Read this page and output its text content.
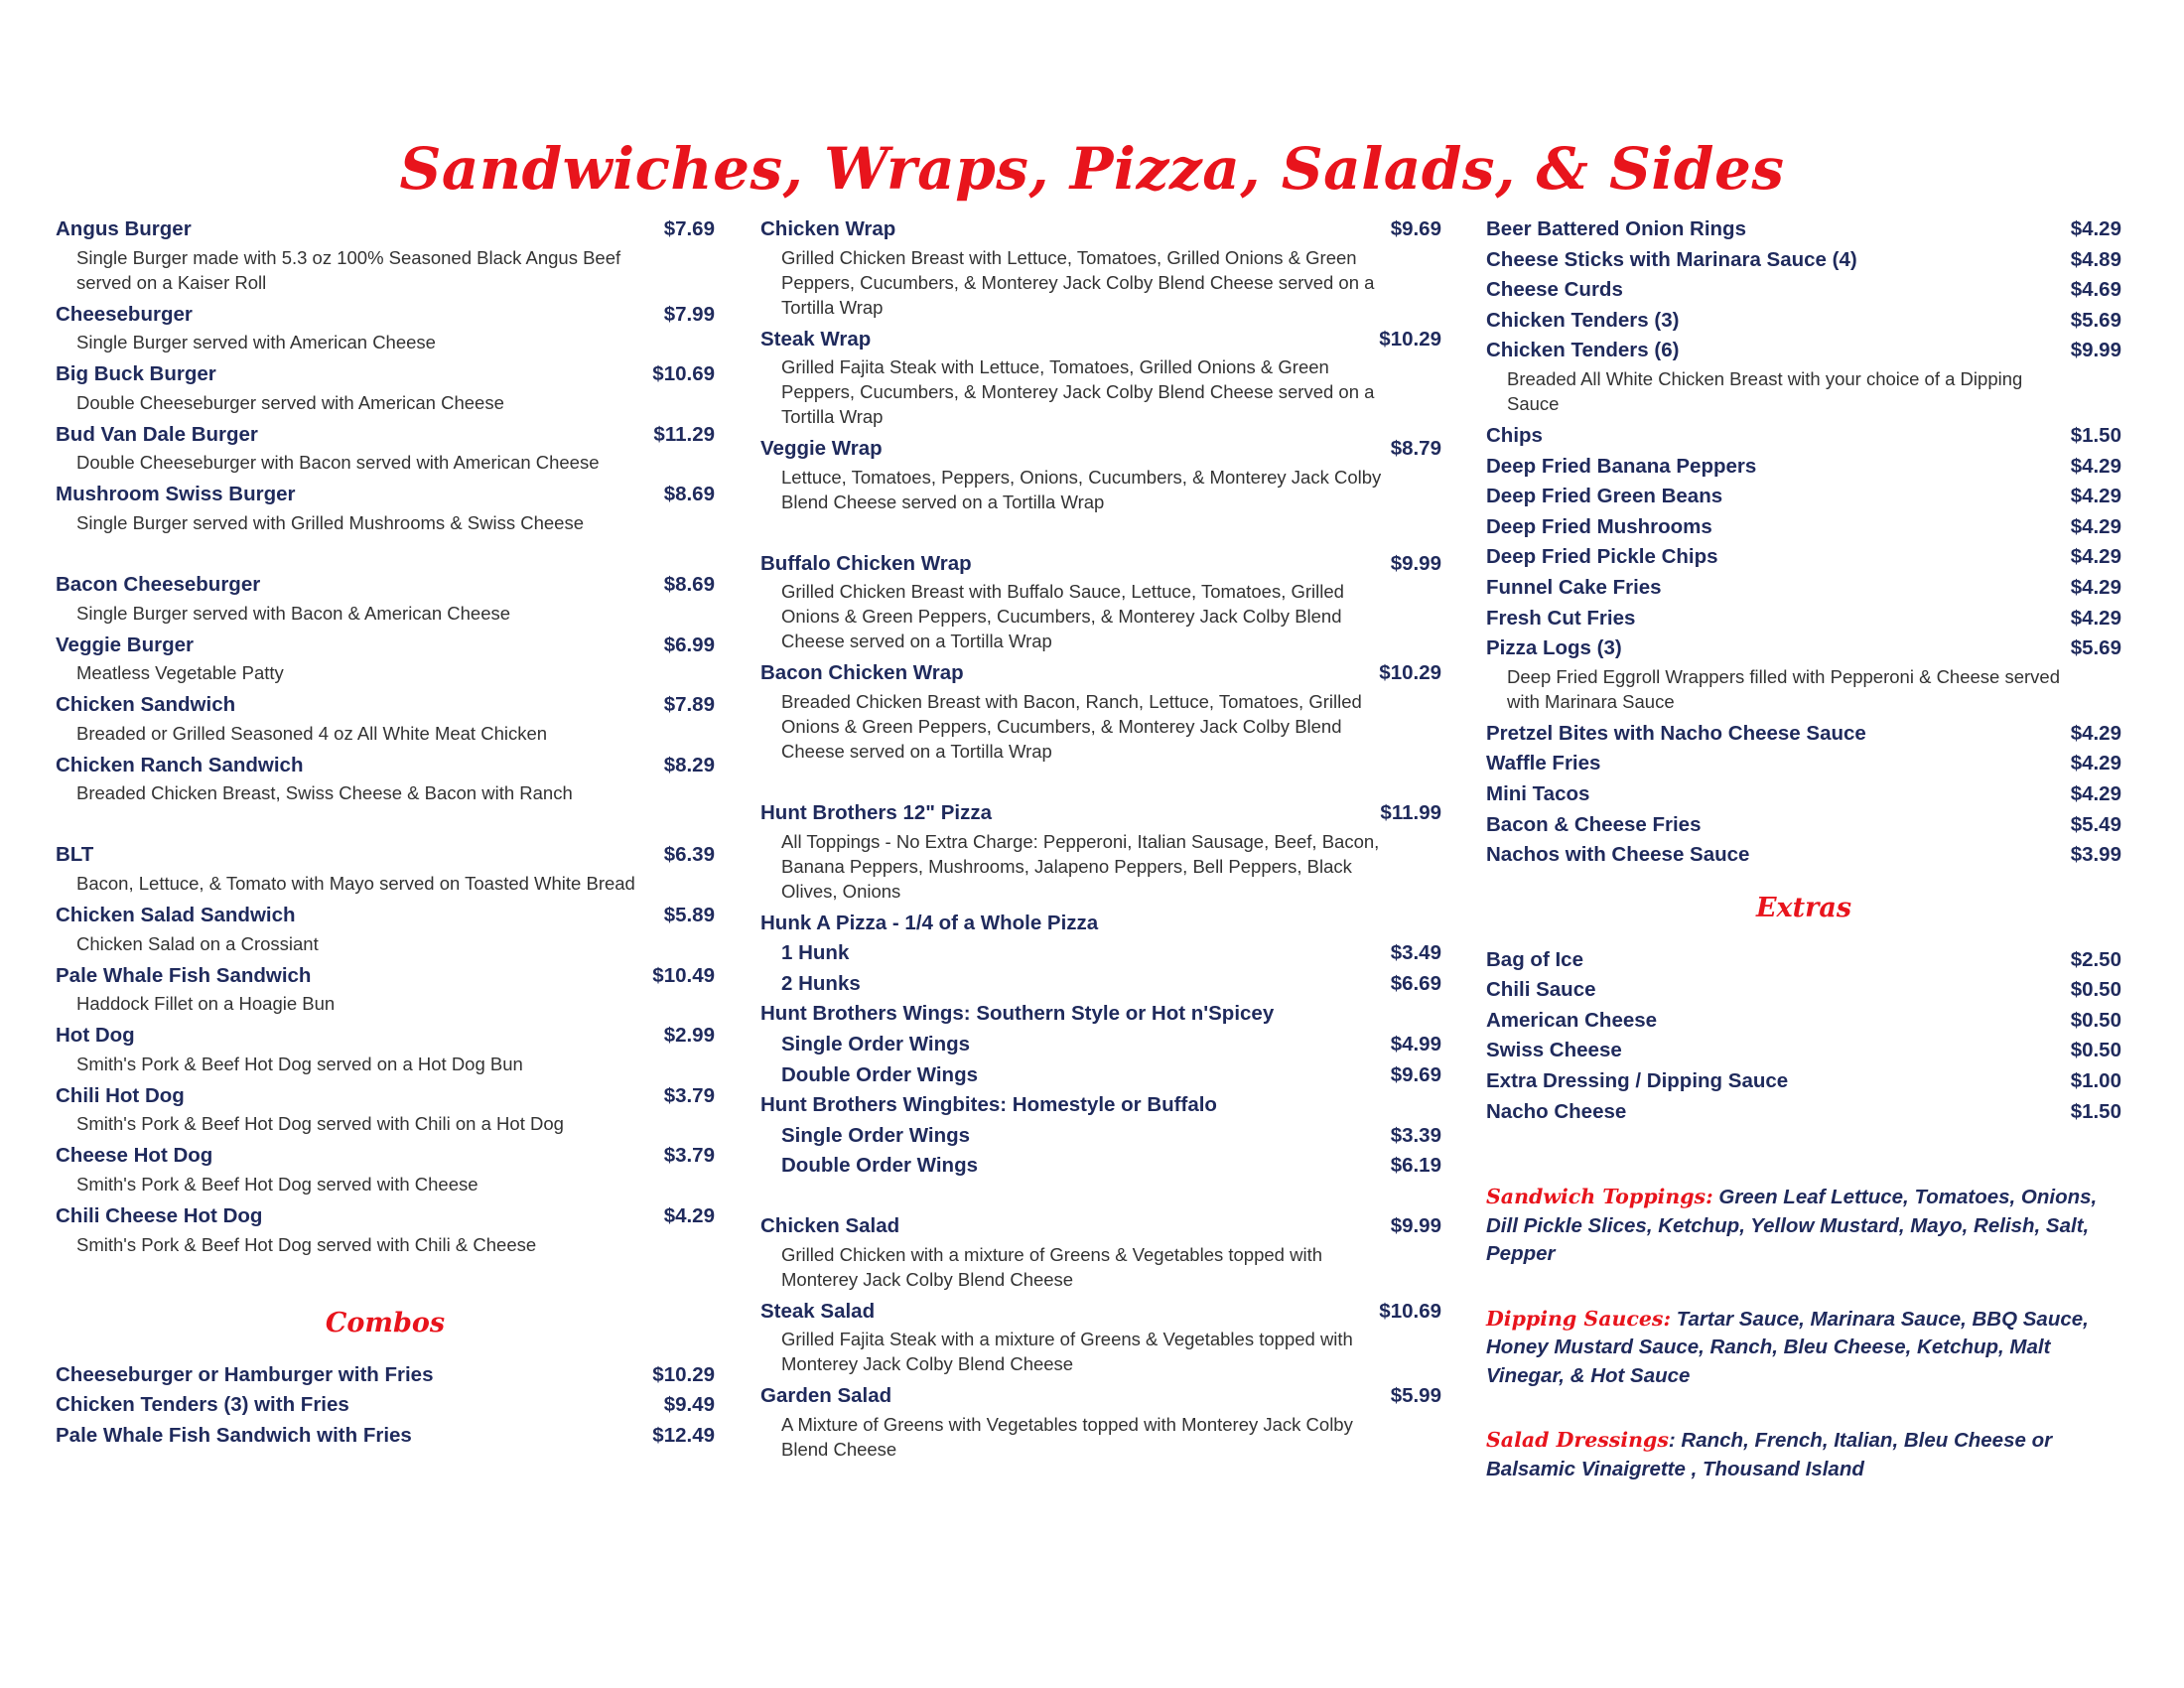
Sandwiches, Wraps, Pizza, Salads, & Sides
Angus Burger	$7.69
Single Burger made with 5.3 oz 100% Seasoned Black Angus Beef served on a Kaiser Roll
Cheeseburger	$7.99
Single Burger served with American Cheese
Big Buck Burger	$10.69
Double Cheeseburger served with American Cheese
Bud Van Dale Burger	$11.29
Double Cheeseburger with Bacon served with American Cheese
Mushroom Swiss Burger	$8.69
Single Burger served with Grilled Mushrooms & Swiss Cheese
Bacon Cheeseburger	$8.69
Single Burger served with Bacon & American Cheese
Veggie Burger	$6.99
Meatless Vegetable Patty
Chicken Sandwich	$7.89
Breaded or Grilled Seasoned 4 oz All White Meat Chicken
Chicken Ranch Sandwich	$8.29
Breaded Chicken Breast, Swiss Cheese & Bacon with Ranch
BLT	$6.39
Bacon, Lettuce, & Tomato with Mayo served on Toasted White Bread
Chicken Salad Sandwich	$5.89
Chicken Salad on a Crossiant
Pale Whale Fish Sandwich	$10.49
Haddock Fillet on a Hoagie Bun
Hot Dog	$2.99
Smith's Pork & Beef Hot Dog served on a Hot Dog Bun
Chili Hot Dog	$3.79
Smith's Pork & Beef Hot Dog served with Chili on a Hot Dog
Cheese Hot Dog	$3.79
Smith's Pork & Beef Hot Dog served with Cheese
Chili Cheese Hot Dog	$4.29
Smith's Pork & Beef Hot Dog served with Chili & Cheese
Combos
Cheeseburger or Hamburger with Fries	$10.29
Chicken Tenders (3) with Fries	$9.49
Pale Whale Fish Sandwich with Fries	$12.49
Chicken Wrap	$9.69
Grilled Chicken Breast with Lettuce, Tomatoes, Grilled Onions & Green Peppers, Cucumbers, & Monterey Jack Colby Blend Cheese served on a Tortilla Wrap
Steak Wrap	$10.29
Grilled Fajita Steak with Lettuce, Tomatoes, Grilled Onions & Green Peppers, Cucumbers, & Monterey Jack Colby Blend Cheese served on a Tortilla Wrap
Veggie Wrap	$8.79
Lettuce, Tomatoes, Peppers, Onions, Cucumbers, & Monterey Jack Colby Blend Cheese served on a Tortilla Wrap
Buffalo Chicken Wrap	$9.99
Grilled Chicken Breast with Buffalo Sauce, Lettuce, Tomatoes, Grilled Onions & Green Peppers, Cucumbers, & Monterey Jack Colby Blend Cheese served on a Tortilla Wrap
Bacon Chicken Wrap	$10.29
Breaded Chicken Breast with Bacon, Ranch, Lettuce, Tomatoes, Grilled Onions & Green Peppers, Cucumbers, & Monterey Jack Colby Blend Cheese served on a Tortilla Wrap
Hunt Brothers 12" Pizza	$11.99
All Toppings - No Extra Charge: Pepperoni, Italian Sausage, Beef, Bacon, Banana Peppers, Mushrooms, Jalapeno Peppers, Bell Peppers, Black Olives, Onions
Hunk A Pizza - 1/4 of a Whole Pizza
1 Hunk	$3.49
2 Hunks	$6.69
Hunt Brothers Wings: Southern Style or Hot n'Spicey
Single Order Wings	$4.99
Double Order Wings	$9.69
Hunt Brothers Wingbites: Homestyle or Buffalo
Single Order Wings	$3.39
Double Order Wings	$6.19
Chicken Salad	$9.99
Grilled Chicken with a mixture of Greens & Vegetables topped with Monterey Jack Colby Blend Cheese
Steak Salad	$10.69
Grilled Fajita Steak with a mixture of Greens & Vegetables topped with Monterey Jack Colby Blend Cheese
Garden Salad	$5.99
A Mixture of Greens with Vegetables topped with Monterey Jack Colby Blend Cheese
Beer Battered Onion Rings	$4.29
Cheese Sticks with Marinara Sauce (4)	$4.89
Cheese Curds	$4.69
Chicken Tenders (3)	$5.69
Chicken Tenders (6)	$9.99
Breaded All White Chicken Breast with your choice of a Dipping Sauce
Chips	$1.50
Deep Fried Banana Peppers	$4.29
Deep Fried Green Beans	$4.29
Deep Fried Mushrooms	$4.29
Deep Fried Pickle Chips	$4.29
Funnel Cake Fries	$4.29
Fresh Cut Fries	$4.29
Pizza Logs (3)	$5.69
Deep Fried Eggroll Wrappers filled with Pepperoni & Cheese served with Marinara Sauce
Pretzel Bites with Nacho Cheese Sauce	$4.29
Waffle Fries	$4.29
Mini Tacos	$4.29
Bacon & Cheese Fries	$5.49
Nachos with Cheese Sauce	$3.99
Extras
Bag of Ice	$2.50
Chili Sauce	$0.50
American Cheese	$0.50
Swiss Cheese	$0.50
Extra Dressing / Dipping Sauce	$1.00
Nacho Cheese	$1.50
Sandwich Toppings: Green Leaf Lettuce, Tomatoes, Onions, Dill Pickle Slices, Ketchup, Yellow Mustard, Mayo, Relish, Salt, Pepper
Dipping Sauces: Tartar Sauce, Marinara Sauce, BBQ Sauce, Honey Mustard Sauce, Ranch, Bleu Cheese, Ketchup, Malt Vinegar, & Hot Sauce
Salad Dressings: Ranch, French, Italian, Bleu Cheese or Balsamic Vinaigrette , Thousand Island
